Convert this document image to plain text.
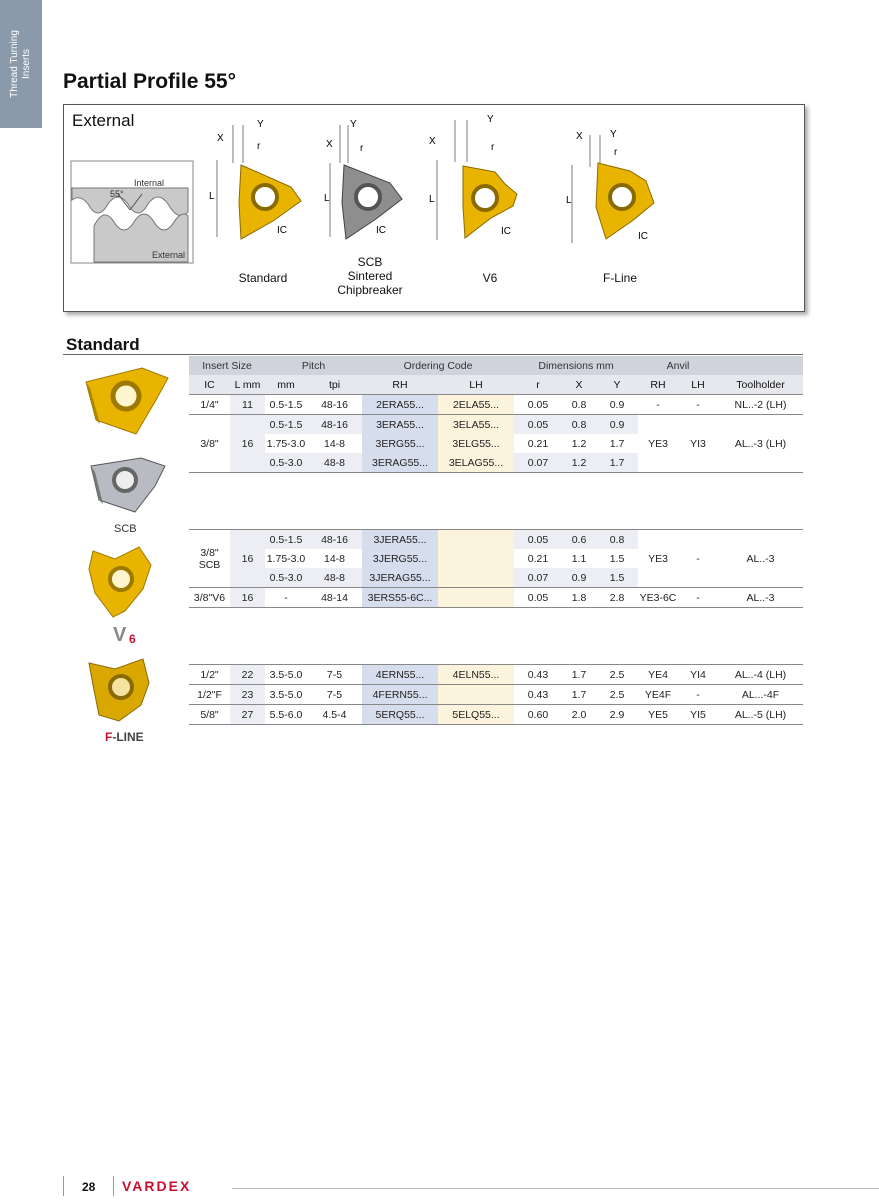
Thread Turning
Inserts
Partial Profile 55°
External
Internal
55°
External
Y
X
r
L
IC
Y
X	r
L
IC
Y
X
r
L
IC
Y
X
r
L
IC
Standard
SCB
Sintered
Chipbreaker
V6	F-Line
Standard
SCB
V 6
F-LINE
Insert Size		Pitch		Ordering Code		Dimensions mm			Anvil		
IC	L mm	mm	tpi	RH	LH	r	X	Y	RH	LH	Toolholder
1/4"	11	0.5-1.5	48-16	2ERA55...	2ELA55...	0.05	0.8	0.9	-	-	NL..-2 (LH)
3/8"	16	0.5-1.5	48-16	3ERA55...	3ELA55...	0.05	0.8	0.9	YE3	YI3	AL..-3 (LH)
		1.75-3.0	14-8	3ERG55...	3ELG55...	0.21	1.2	1.7			
		0.5-3.0	48-8	3ERAG55...	3ELAG55...	0.07	1.2	1.7			

3/8"
SCB	16	0.5-1.5	48-16	3JERA55...		0.05	0.6	0.8	YE3	-	AL..-3
		1.75-3.0	14-8	3JERG55...		0.21	1.1	1.5			
		0.5-3.0	48-8	3JERAG55...		0.07	0.9	1.5			
3/8"V6	16	-	48-14	3ERS55-6C...		0.05	1.8	2.8	YE3-6C	-	AL..-3

1/2"	22	3.5-5.0	7-5	4ERN55...	4ELN55...	0.43	1.7	2.5	YE4	YI4	AL..-4 (LH)
1/2"F	23	3.5-5.0	7-5	4FERN55...		0.43	1.7	2.5	YE4F	-	AL...-4F
5/8"	27	5.5-6.0	4.5-4	5ERQ55...	5ELQ55...	0.60	2.0	2.9	YE5	YI5	AL..-5 (LH)
28 VARDEX
